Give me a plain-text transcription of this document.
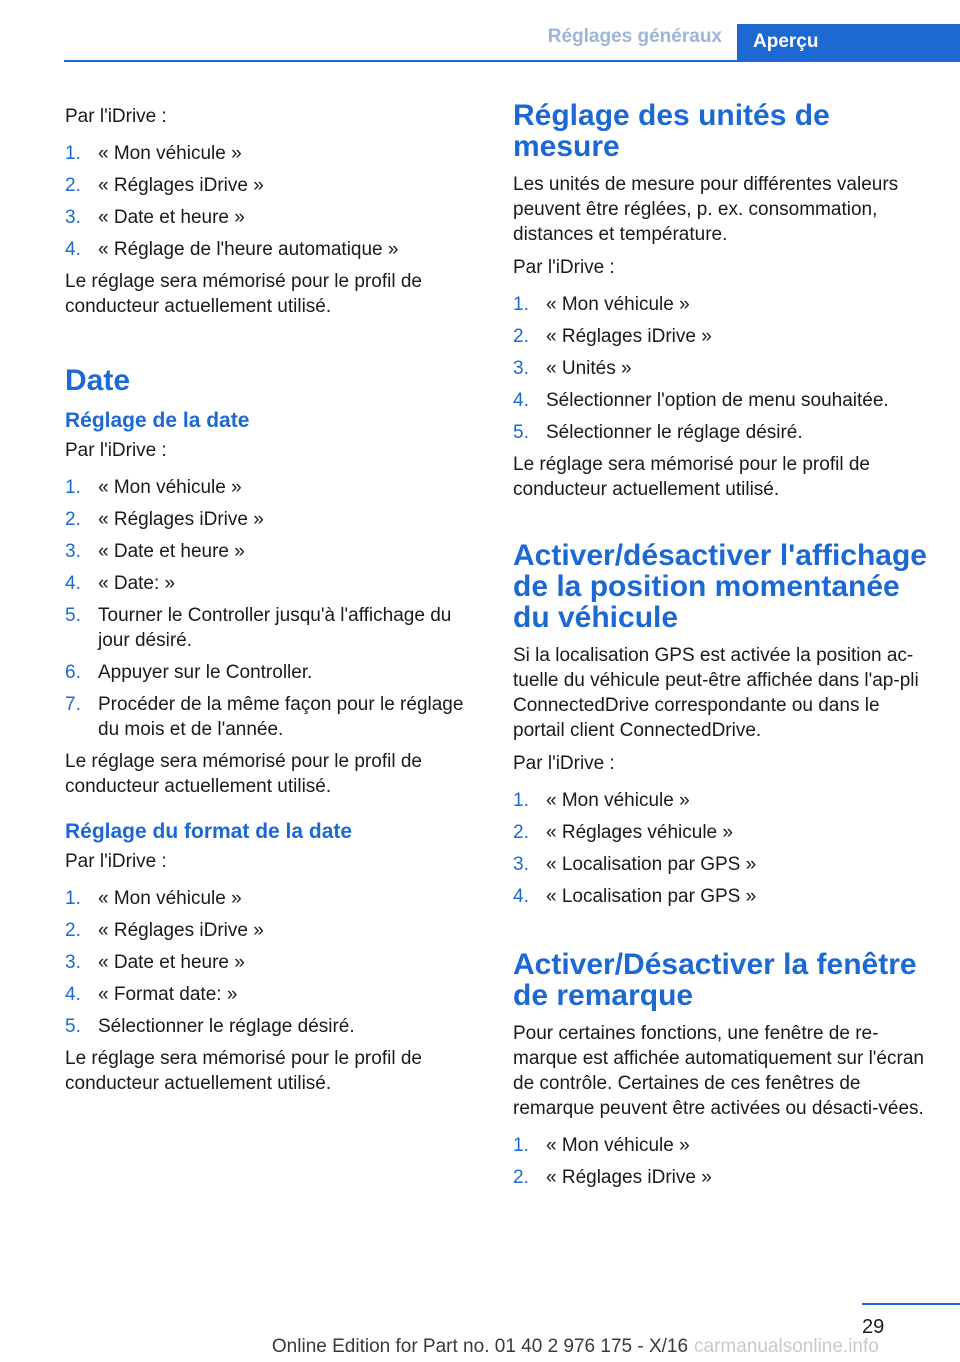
Réglages généraux	Aperçu

Par l'iDrive :

1. « Mon véhicule »
2. « Réglages iDrive »
3. « Date et heure »
4. « Réglage de l'heure automatique »

Le réglage sera mémorisé pour le profil de conducteur actuellement utilisé.

Date
Réglage de la date

Par l'iDrive :

1. « Mon véhicule »
2. « Réglages iDrive »
3. « Date et heure »
4. « Date: »
5. Tourner le Controller jusqu'à l'affichage du jour désiré.
6. Appuyer sur le Controller.
7. Procéder de la même façon pour le réglage du mois et de l'année.

Le réglage sera mémorisé pour le profil de conducteur actuellement utilisé.

Réglage du format de la date

Par l'iDrive :

1. « Mon véhicule »
2. « Réglages iDrive »
3. « Date et heure »
4. « Format date: »
5. Sélectionner le réglage désiré.

Le réglage sera mémorisé pour le profil de conducteur actuellement utilisé.

Réglage des unités de mesure

Les unités de mesure pour différentes valeurs peuvent être réglées, p. ex. consommation, distances et température.

Par l'iDrive :

1. « Mon véhicule »
2. « Réglages iDrive »
3. « Unités »
4. Sélectionner l'option de menu souhaitée.
5. Sélectionner le réglage désiré.

Le réglage sera mémorisé pour le profil de conducteur actuellement utilisé.

Activer/désactiver l'affichage de la position momentanée du véhicule

Si la localisation GPS est activée la position ac-tuelle du véhicule peut-être affichée dans l'ap-pli ConnectedDrive correspondante ou dans le portail client ConnectedDrive.

Par l'iDrive :

1. « Mon véhicule »
2. « Réglages véhicule »
3. « Localisation par GPS »
4. « Localisation par GPS »
Activer/Désactiver la fenêtre de remarque

Pour certaines fonctions, une fenêtre de re-marque est affichée automatiquement sur l'écran de contrôle. Certaines de ces fenêtres de remarque peuvent être activées ou désacti-vées.

1. « Mon véhicule »
2. « Réglages iDrive »
29
Online Edition for Part no. 01 40 2 976 175 - X/16 carmanualsonline.info
